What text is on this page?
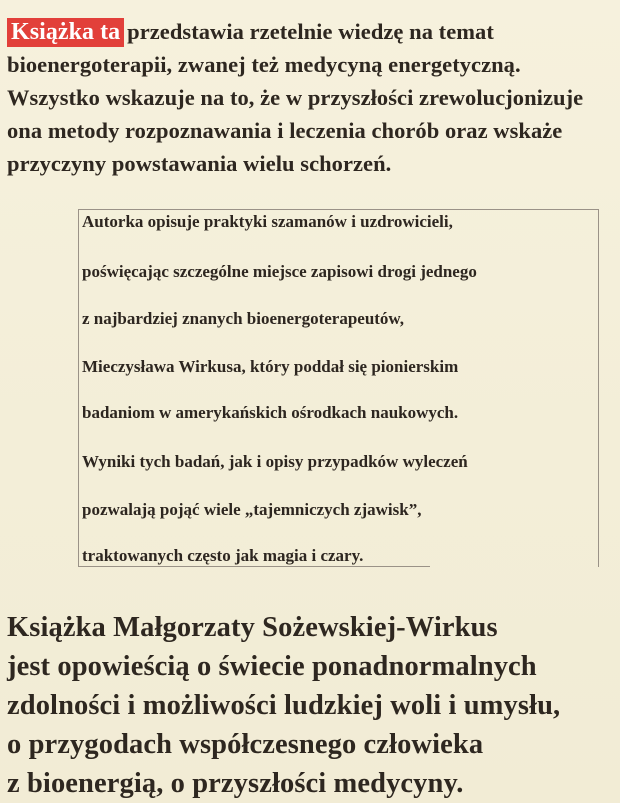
Książka ta przedstawia rzetelnie wiedzę na temat
bioenergoterapii, zwanej też medycyną energetyczną.
Wszystko wskazuje na to, że w przyszłości zrewolucjonizuje
ona metody rozpoznawania i leczenia chorób oraz wskaże
przyczyny powstawania wielu schorzeń.

Autorka opisuje praktyki szamanów i uzdrowicieli,
poświęcając szczególne miejsce zapisowi drogi jednego
z najbardziej znanych bioenergoterapeutów,
Mieczysława Wirkusa, który poddał się pionierskim
badaniom w amerykańskich ośrodkach naukowych.
Wyniki tych badań, jak i opisy przypadków wyleczeń
pozwalają pojąć wiele „tajemniczych zjawisk”,
traktowanych często jak magia i czary.

Książka Małgorzaty Sożewskiej-Wirkus
jest opowieścią o świecie ponadnormalnych
zdolności i możliwości ludzkiej woli i umysłu,
o przygodach współczesnego człowieka
z bioenergią, o przyszłości medycyny.
